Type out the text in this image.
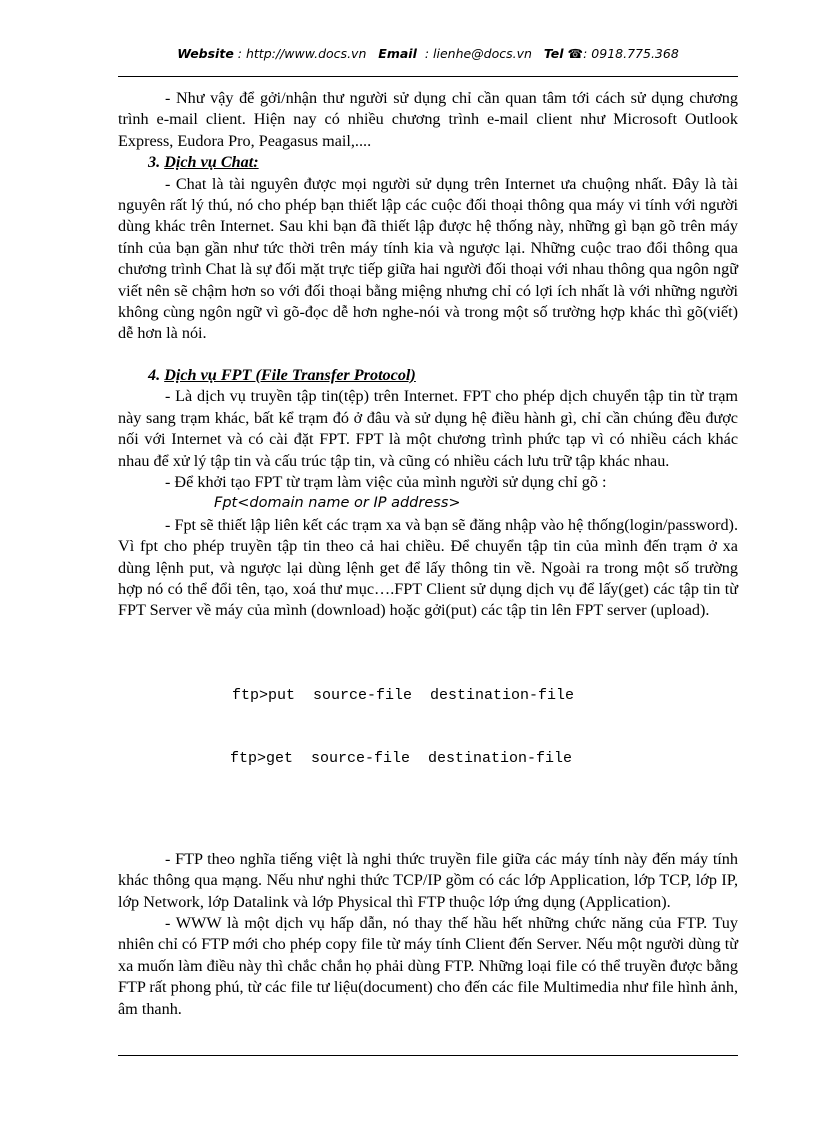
Website : http://www.docs.vn Email : lienhe@docs.vn Tel ☎: 0918.775.368

- Như vậy để gởi/nhận thư người sử dụng chỉ cần quan tâm tới cách sử dụng chương trình e-mail client. Hiện nay có nhiều chương trình e-mail client như Microsoft Outlook Express, Eudora Pro, Peagasus mail,....

3. Dịch vụ Chat:

- Chat là tài nguyên được mọi người sử dụng trên Internet ưa chuộng nhất. Đây là tài nguyên rất lý thú, nó cho phép bạn thiết lập các cuộc đối thoại thông qua máy vi tính với người dùng khác trên Internet. Sau khi bạn đã thiết lập được hệ thống này, những gì bạn gõ trên máy tính của bạn gần như tức thời trên máy tính kia và ngược lại. Những cuộc trao đổi thông qua chương trình Chat là sự đối mặt trực tiếp giữa hai người đối thoại với nhau thông qua ngôn ngữ viết nên sẽ chậm hơn so với đối thoại bằng miệng nhưng chỉ có lợi ích nhất là với những người không cùng ngôn ngữ vì gõ-đọc dễ hơn nghe-nói và trong một số trường hợp khác thì gõ(viết) dễ hơn là nói.

4. Dịch vụ FPT (File Transfer Protocol)

- Là dịch vụ truyền tập tin(tệp) trên Internet. FPT cho phép dịch chuyển tập tin từ trạm này sang trạm khác, bất kể trạm đó ở đâu và sử dụng hệ điều hành gì, chỉ cần chúng đều được nối với Internet và có cài đặt FPT. FPT là một chương trình phức tạp vì có nhiều cách khác nhau để xử lý tập tin và cấu trúc tập tin, và cũng có nhiều cách lưu trữ tập khác nhau.

- Để khởi tạo FPT từ trạm làm việc của mình người sử dụng chỉ gõ :

Fpt<domain name or IP address>

- Fpt sẽ thiết lập liên kết các trạm xa và bạn sẽ đăng nhập vào hệ thống(login/password). Vì fpt cho phép truyền tập tin theo cả hai chiều. Để chuyển tập tin của mình đến trạm ở xa dùng lệnh put, và ngược lại dùng lệnh get để lấy thông tin về. Ngoài ra trong một số trường hợp nó có thể đổi tên, tạo, xoá thư mục….FPT Client sử dụng dịch vụ để lấy(get) các tập tin từ FPT Server về máy của mình (download) hoặc gởi(put) các tập tin lên FPT server (upload).

ftp>put  source-file  destination-file

ftp>get  source-file  destination-file

- FTP theo nghĩa tiếng việt là nghi thức truyền file giữa các máy tính này đến máy tính khác thông qua mạng. Nếu như nghi thức TCP/IP gồm có các lớp Application, lớp TCP, lớp IP, lớp Network, lớp Datalink và lớp Physical thì FTP thuộc lớp ứng dụng (Application).

- WWW là một dịch vụ hấp dẫn, nó thay thế hầu hết những chức năng của FTP. Tuy nhiên chỉ có FTP mới cho phép copy file từ máy tính Client đến Server. Nếu một người dùng từ xa muốn làm điều này thì chắc chắn họ phải dùng FTP. Những loại file có thể truyền được bằng FTP rất phong phú, từ các file tư liệu(document) cho đến các file Multimedia như file hình ảnh, âm thanh.
